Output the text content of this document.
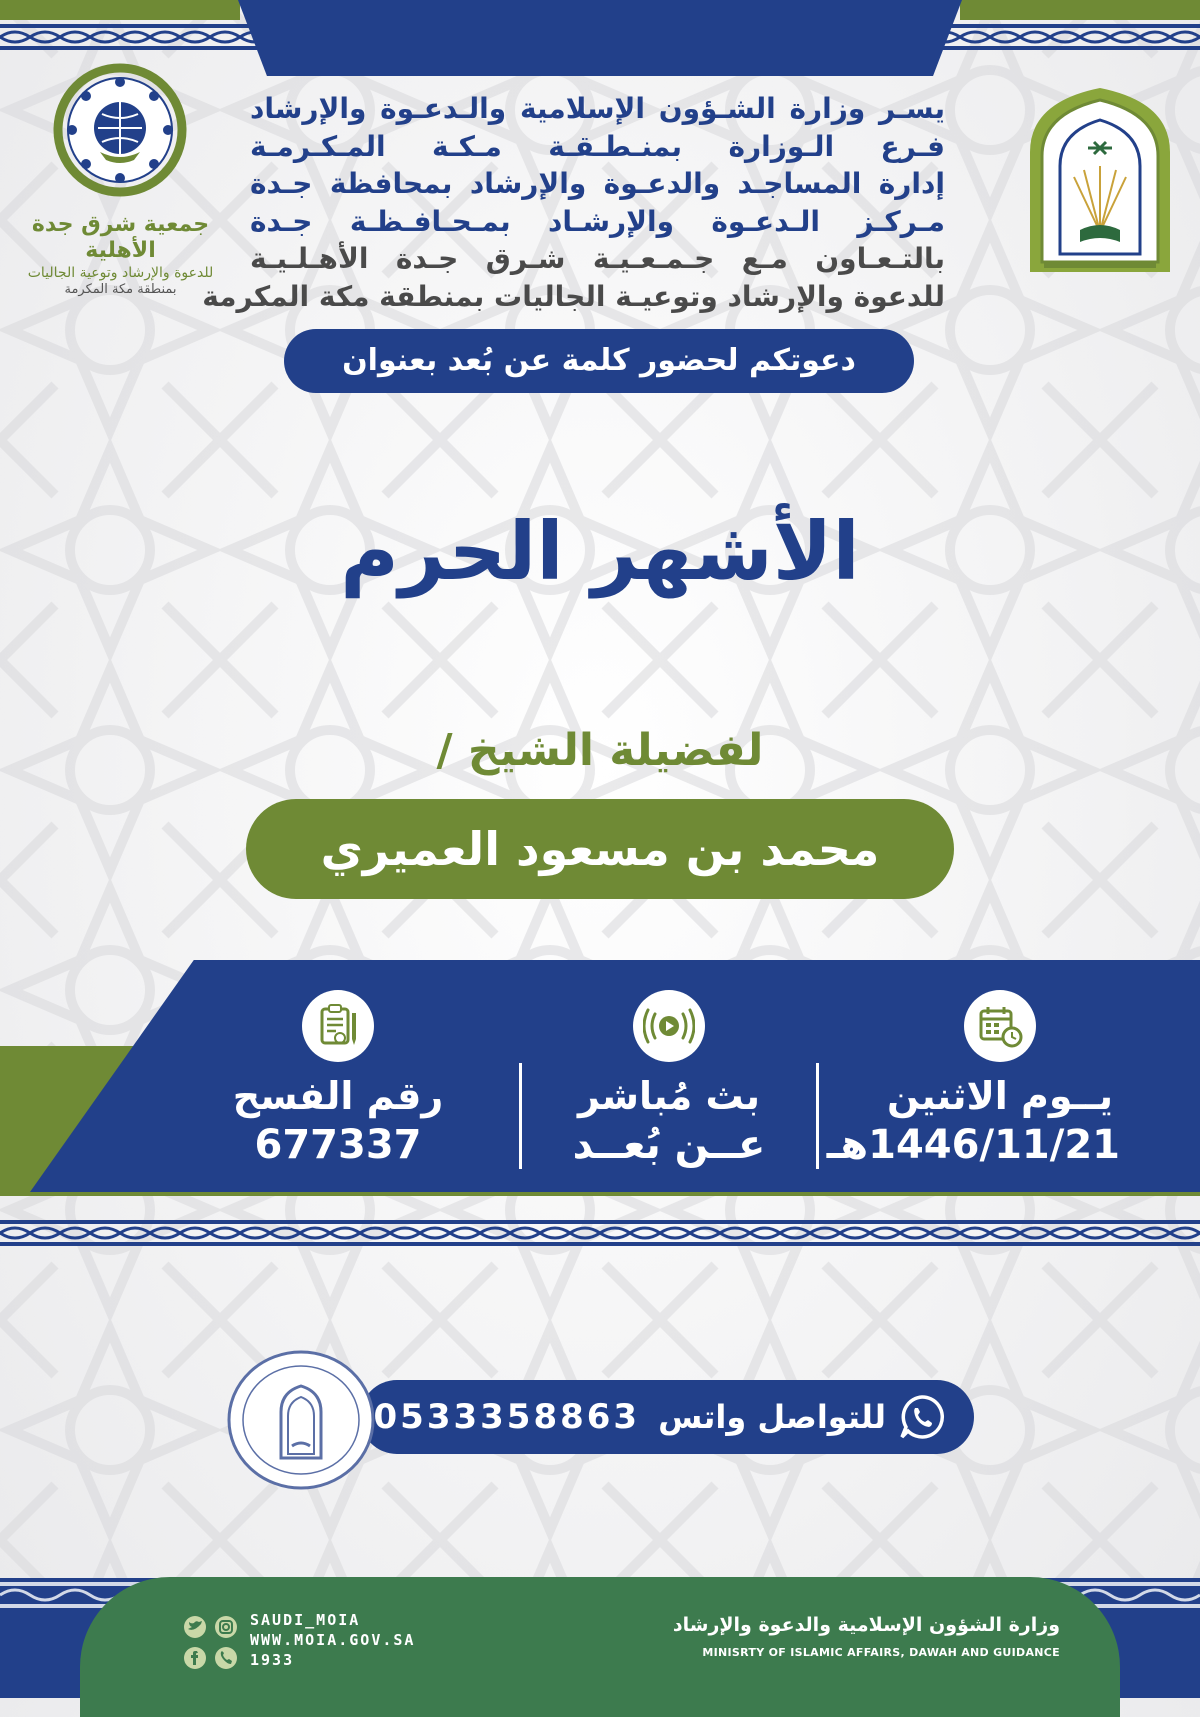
جمعية شرق جدة الأهلية
للدعوة والإرشاد وتوعية الجاليات
بمنطقة مكة المكرمة
يسـر وزارة الشـؤون الإسلامية والـدعـوة والإرشاد
فـرع الـوزارة بمنـطـقـة مـكـة المـكـرمـة
إدارة المساجـد والدعـوة والإرشاد بمحافظة جـدة
مـركـز الـدعـوة والإرشـاد بمـحـافـظـة جـدة
بالتـعـاون مـع جـمـعـيـة شـرق جـدة الأهـلـيـة
للدعوة والإرشاد وتوعيـة الجاليات بمنطقة مكة المكرمة
دعوتكم لحضور كلمة عن بُعد بعنوان
الأشهر الحرم
لفضيلة الشيخ /
محمد بن مسعود العميري
يــوم الاثنين
1446/11/21هـ
بث مُباشر
عــن بُعــد
رقم الفسح
677337
0533358863 للتواصل واتس
وزارة الشؤون الإسلامية والدعوة والإرشاد
MINISRTY OF ISLAMIC AFFAIRS, DAWAH AND GUIDANCE
SAUDI_MOIA
WWW.MOIA.GOV.SA
1933
